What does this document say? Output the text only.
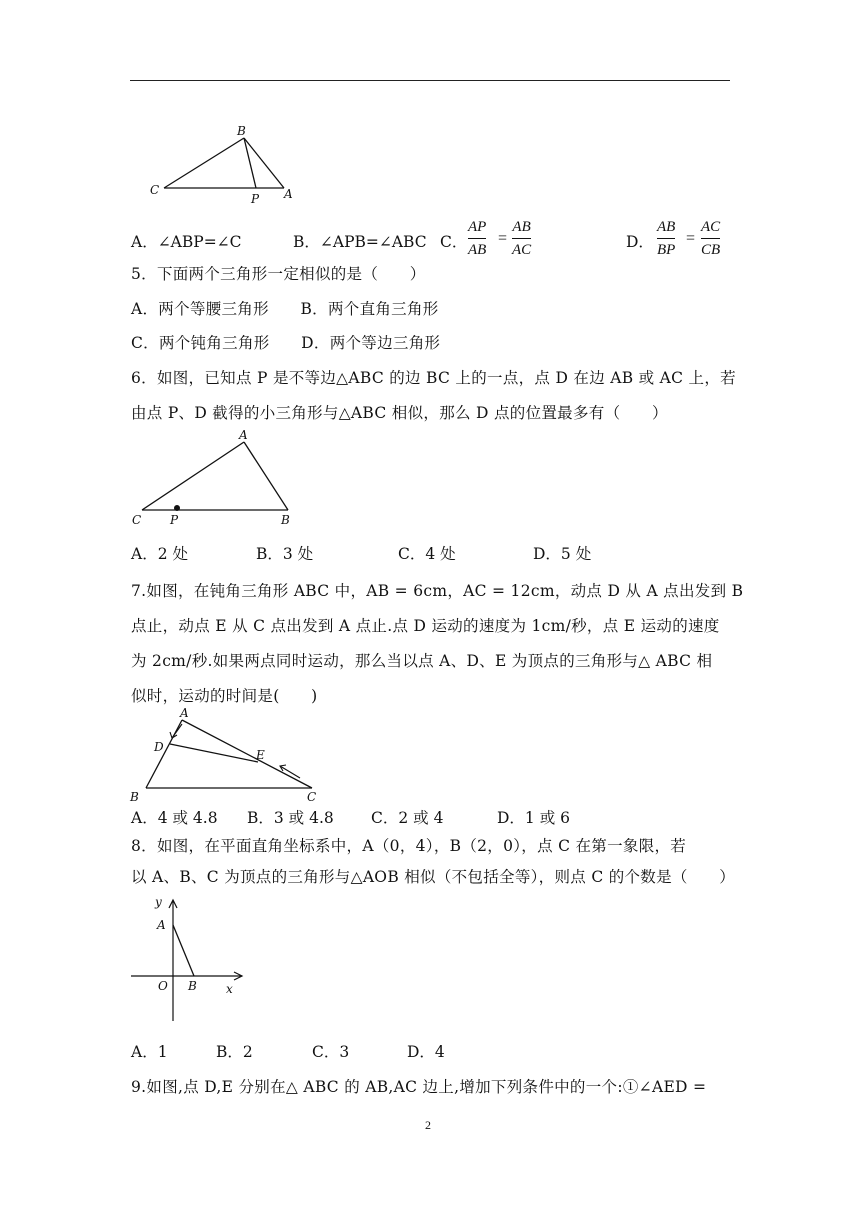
B
C
P A
A．∠ABP=∠C	B．∠APB=∠ABC C．
AP
AB
=
AB
AC	D．
AB
BP
=
AC
CB
5．下面两个三角形一定相似的是（　　）
A．两个等腰三角形　　B．两个直角三角形
C．两个钝角三角形　　D．两个等边三角形
6．如图，已知点 P 是不等边△ABC 的边 BC 上的一点，点 D 在边 AB 或 AC 上，若
由点 P、D 截得的小三角形与△ABC 相似，那么 D 点的位置最多有（　　）
A
C P	B
A．2 处	B．3 处	C．4 处	D．5 处
7.如图，在钝角三角形 ABC 中，AB = 6cm，AC = 12cm，动点 D 从 A 点出发到 B
点止，动点 E 从 C 点出发到 A 点止.点 D 运动的速度为 1cm/秒，点 E 运动的速度
为 2cm/秒.如果两点同时运动，那么当以点 A、D、E 为顶点的三角形与△ ABC 相
似时，运动的时间是(　　)
A
D
E
B	C
A．4 或 4.8 B．3 或 4.8 C．2 或 4	D．1 或 6
8．如图，在平面直角坐标系中，A（0，4），B（2，0），点 C 在第一象限，若
以 A、B、C 为顶点的三角形与△AOB 相似（不包括全等），则点 C 的个数是（　　）
y
A
O B x
A．1	B．2	C．3	D．4
9.如图,点 D,E 分别在△ ABC 的 AB,AC 边上,增加下列条件中的一个:①∠AED =
2
